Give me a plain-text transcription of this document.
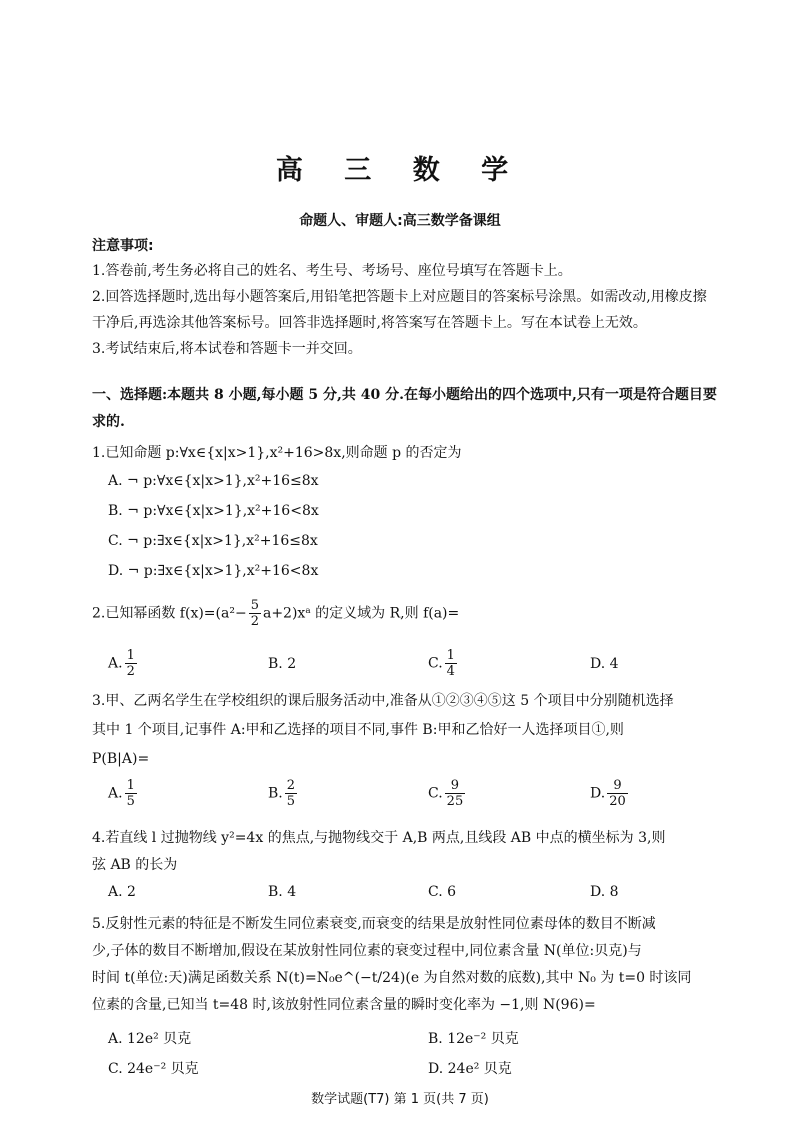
高 三 数 学
命题人、审题人:高三数学备课组
注意事项:
1.答卷前,考生务必将自己的姓名、考生号、考场号、座位号填写在答题卡上。
2.回答选择题时,选出每小题答案后,用铅笔把答题卡上对应题目的答案标号涂黑。如需改动,用橡皮擦
干净后,再选涂其他答案标号。回答非选择题时,将答案写在答题卡上。写在本试卷上无效。
3.考试结束后,将本试卷和答题卡一并交回。
一、选择题:本题共 8 小题,每小题 5 分,共 40 分.在每小题给出的四个选项中,只有一项是符合题目要
求的.
1.已知命题 p:∀x∈{x|x>1},x²+16>8x,则命题 p 的否定为
A. ¬ p:∀x∈{x|x>1},x²+16≤8x
B. ¬ p:∀x∈{x|x>1},x²+16<8x
C. ¬ p:∃x∈{x|x>1},x²+16≤8x
D. ¬ p:∃x∈{x|x>1},x²+16<8x
2.已知幂函数 $f(x)=(a^2- \frac{5}{2}$ a+2)xᵃ 的定义域为 R,则 f(a)=
A. $\frac{1}{2}$	B. 2	C. $\frac{1}{4}$	D. 4
3.甲、乙两名学生在学校组织的课后服务活动中,准备从①②③④⑤这 5 个项目中分别随机选择
其中 1 个项目,记事件 A:甲和乙选择的项目不同,事件 B:甲和乙恰好一人选择项目①,则
P(B|A)=
A. $\frac{1}{5}$	B. $\frac{2}{5}$	C. $\frac{9}{25}$	D. $\frac{9}{20}$
4.若直线 l 过抛物线 y²=4x 的焦点,与抛物线交于 A,B 两点,且线段 AB 中点的横坐标为 3,则
弦 AB 的长为
A. 2	B. 4	C. 6	D. 8
5.反射性元素的特征是不断发生同位素衰变,而衰变的结果是放射性同位素母体的数目不断减
少,子体的数目不断增加,假设在某放射性同位素的衰变过程中,同位素含量 N(单位:贝克)与
时间 t(单位:天)满足函数关系 N(t)=N₀e^(−t/24)(e 为自然对数的底数),其中 N₀ 为 t=0 时该同
位素的含量,已知当 t=48 时,该放射性同位素含量的瞬时变化率为 −1,则 N(96)=
A. 12e² 贝克	B. 12e⁻² 贝克
C. 24e⁻² 贝克	D. 24e² 贝克
数学试题(T7) 第 1 页(共 7 页)
